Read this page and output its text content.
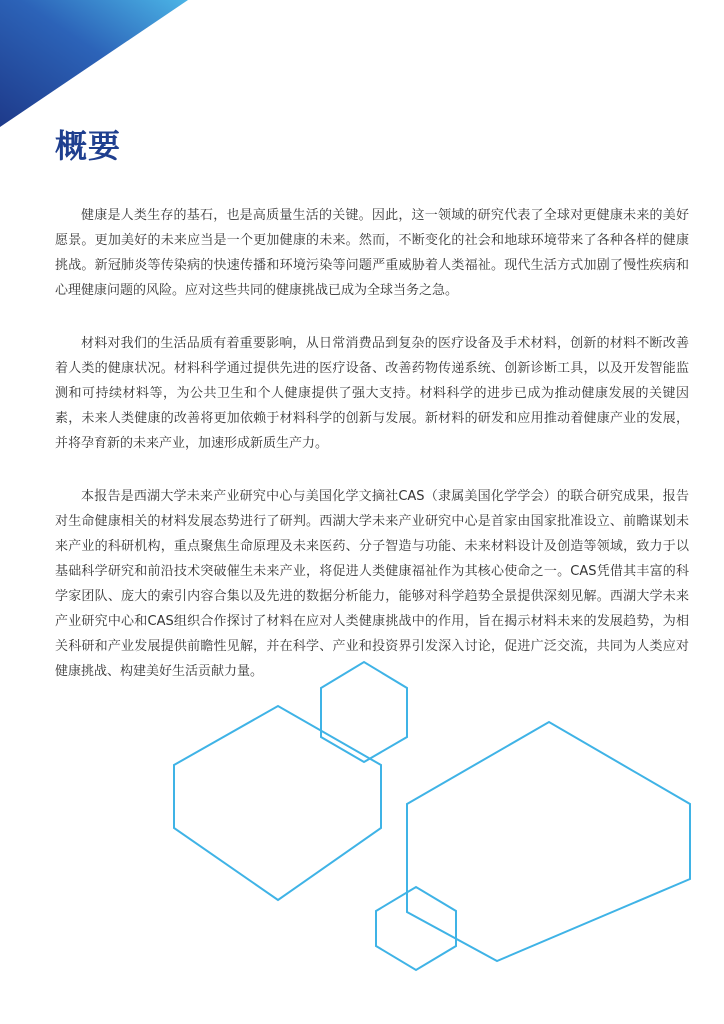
概要

健康是人类生存的基石，也是高质量生活的关键。因此，这一领域的研究代表了全球对更健康未来的美好愿景。更加美好的未来应当是一个更加健康的未来。然而，不断变化的社会和地球环境带来了各种各样的健康挑战。新冠肺炎等传染病的快速传播和环境污染等问题严重威胁着人类福祉。现代生活方式加剧了慢性疾病和心理健康问题的风险。应对这些共同的健康挑战已成为全球当务之急。

材料对我们的生活品质有着重要影响，从日常消费品到复杂的医疗设备及手术材料，创新的材料不断改善着人类的健康状况。材料科学通过提供先进的医疗设备、改善药物传递系统、创新诊断工具，以及开发智能监测和可持续材料等，为公共卫生和个人健康提供了强大支持。材料科学的进步已成为推动健康发展的关键因素，未来人类健康的改善将更加依赖于材料科学的创新与发展。新材料的研发和应用推动着健康产业的发展，并将孕育新的未来产业，加速形成新质生产力。

本报告是西湖大学未来产业研究中心与美国化学文摘社CAS（隶属美国化学学会）的联合研究成果，报告对生命健康相关的材料发展态势进行了研判。西湖大学未来产业研究中心是首家由国家批准设立、前瞻谋划未来产业的科研机构，重点聚焦生命原理及未来医药、分子智造与功能、未来材料设计及创造等领域，致力于以基础科学研究和前沿技术突破催生未来产业，将促进人类健康福祉作为其核心使命之一。CAS凭借其丰富的科学家团队、庞大的索引内容合集以及先进的数据分析能力，能够对科学趋势全景提供深刻见解。西湖大学未来产业研究中心和CAS组织合作探讨了材料在应对人类健康挑战中的作用，旨在揭示材料未来的发展趋势，为相关科研和产业发展提供前瞻性见解，并在科学、产业和投资界引发深入讨论，促进广泛交流，共同为人类应对健康挑战、构建美好生活贡献力量。
